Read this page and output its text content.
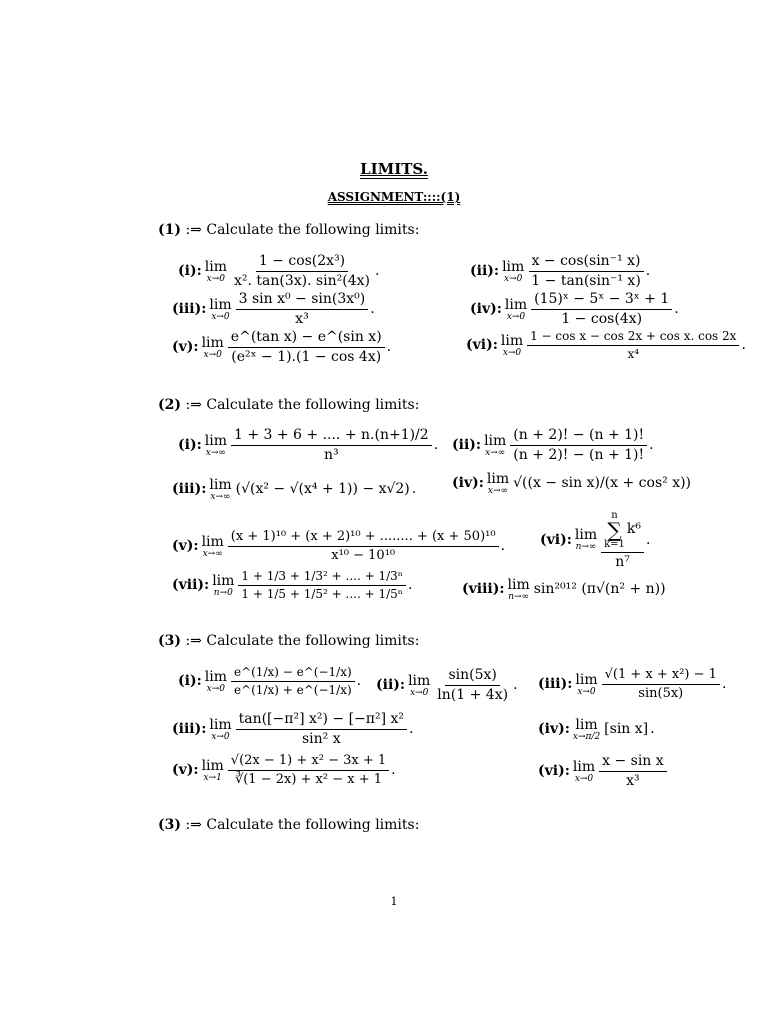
LIMITS.
ASSIGNMENT::::(1)
(1) :⇒ Calculate the following limits:
(i): lim
$x\to 0 \frac{\text{1 − cos(2x³)}}{\text{x². tan(3x). sin²(4x)}}$ .	(ii): lim
$x\to 0 \frac{\text{x − cos(sin⁻¹ x)}}{\text{1 − tan(sin⁻¹ x)}}$ .
(iii): lim
$x\to 0 \frac{\text{3 sin x⁰ − sin(3x⁰)}}{\text{x³}}$ .	(iv): lim
$x\to 0 \frac{\text{(15)ˣ − 5ˣ − 3ˣ + 1}}{1 - \cos(4x)}$ .
(v): lim
$x\to 0 \frac{\text{e\textasciicircum{}(tan x) − e\textasciicircum{}(sin x)}}{\text{(e²ˣ − 1).(1 − cos 4x)}}$ .	(vi): lim
$x\to 0 \frac{\text{1 − cos x − cos 2x + cos x. cos 2x}}{\text{x⁴}}$ .
(2) :⇒ Calculate the following limits:
(i): lim
$x\to\infty \frac{1 + 3 + 6 + .... + n.(n+1)/2}{\text{n³}}$ . (ii): lim
$x\to\infty \frac{(n + 2)! - (n + 1)!}{(n + 2)! - (n + 1)!}$ .
(iii): lim
x→∞ (√(x² − √(x⁴ + 1)) − x√2) .	(iv): lim
x→∞ √((x − sin x)/(x + cos² x))
(v): lim
$x\to\infty \frac{\text{(x + 1)¹⁰ + (x + 2)¹⁰ + ........ + (x + 50)¹⁰}}{\text{x¹⁰ − 10¹⁰}}$ . (vi): lim
n→∞ n
∑
k=1
k⁶
n⁷ .
(vii): lim
$n\to 0 \frac{\text{1 + 1/3 + 1/3² + .... + 1/3ⁿ}}{\text{1 + 1/5 + 1/5² + .... + 1/5ⁿ}}$ .	(viii): lim
n→∞ sin²⁰¹² (π√(n² + n))
(3) :⇒ Calculate the following limits:
(i): lim
$x\to 0 \frac{e\^{}(1/x) - e\^{}(-1/x)}{e\^{}(1/x) + e\^{}(-1/x)}$ . (ii): lim
$x\to 0 \frac{\sin(5x)}{\ln(1 + 4x)}$ . (iii): lim
$x\to 0 \frac{\text{√(1 + x + x²) − 1}}{\sin(5x)}$ .
(iii): lim
$x\to 0 \frac{\text{tan([−π²] x²) − [−π²] x²}}{\text{sin² x}}$ .	(iv): lim
x→π/2 [sin x] .
(v): lim
$x\to 1 \frac{\text{√(2x − 1) + x² − 3x + 1}}{\text{∛(1 − 2x) + x² − x + 1}}$ .	(vi): lim
$x\to 0 \frac{\text{x − sin x}}{\text{x³}}$
(3) :⇒ Calculate the following limits:
1
